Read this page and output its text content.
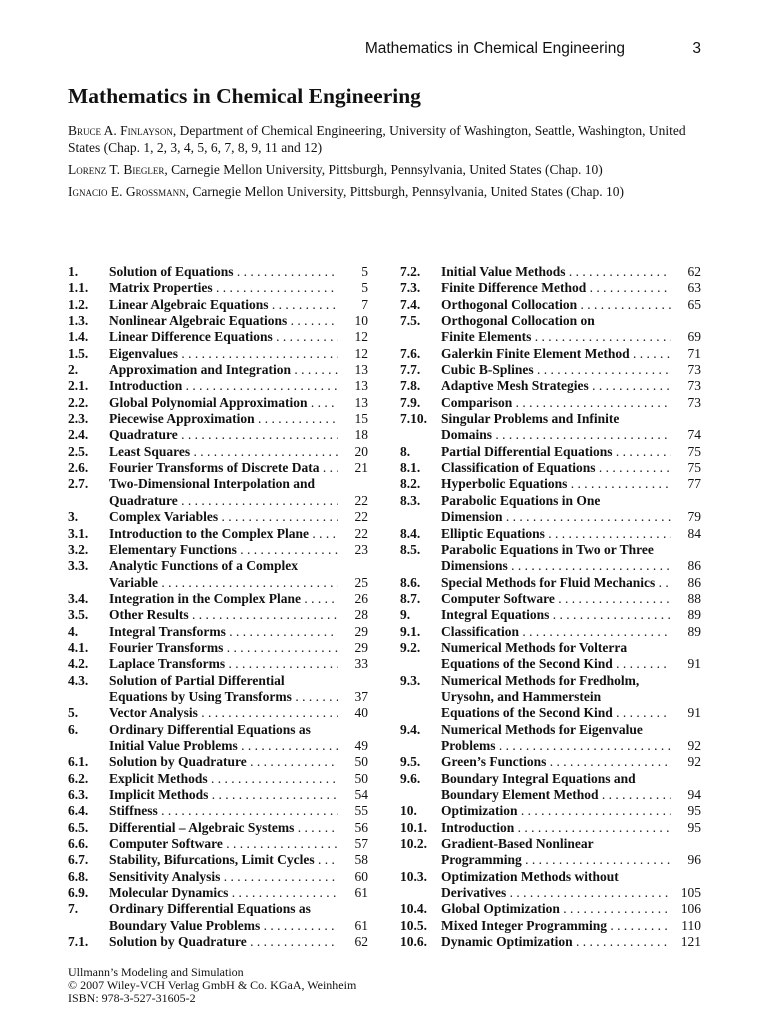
Mathematics in Chemical Engineering	3
Mathematics in Chemical Engineering

Bruce A. Finlayson, Department of Chemical Engineering, University of Washington, Seattle, Washington, United States (Chap. 1, 2, 3, 4, 5, 6, 7, 8, 9, 11 and 12)

Lorenz T. Biegler, Carnegie Mellon University, Pittsburgh, Pennsylvania, United States (Chap. 10)

Ignacio E. Grossmann, Carnegie Mellon University, Pittsburgh, Pennsylvania, United States (Chap. 10)

1. Solution of Equations . . .	5
1.1. Matrix Properties . . .	5
1.2. Linear Algebraic Equations . . .	7
1.3. Nonlinear Algebraic Equations . . .	10
1.4. Linear Difference Equations . . .	12
1.5. Eigenvalues . . .	12
2. Approximation and Integration . . .	13
2.1. Introduction . . .	13
2.2. Global Polynomial Approximation . . .	13
2.3. Piecewise Approximation . . .	15
2.4. Quadrature . . .	18
2.5. Least Squares . . .	20
2.6. Fourier Transforms of Discrete Data . . .	21
2.7. Two-Dimensional Interpolation and
Quadrature . . .	22
3. Complex Variables . . .	22
3.1. Introduction to the Complex Plane . . .	22
3.2. Elementary Functions . . .	23
3.3. Analytic Functions of a Complex
Variable . . .	25
3.4. Integration in the Complex Plane . . .	26
3.5. Other Results . . .	28
4. Integral Transforms . . .	29
4.1. Fourier Transforms . . .	29
4.2. Laplace Transforms . . .	33
4.3. Solution of Partial Differential
Equations by Using Transforms . . .	37
5. Vector Analysis . . .	40
6. Ordinary Differential Equations as
Initial Value Problems . . .	49
6.1. Solution by Quadrature . . .	50
6.2. Explicit Methods . . .	50
6.3. Implicit Methods . . .	54
6.4. Stiffness . . .	55
6.5. Differential – Algebraic Systems . . .	56
6.6. Computer Software . . .	57
6.7. Stability, Bifurcations, Limit Cycles . . .	58
6.8. Sensitivity Analysis . . .	60
6.9. Molecular Dynamics . . .	61
7. Ordinary Differential Equations as
Boundary Value Problems . . .	61
7.1. Solution by Quadrature . . .	62
7.2. Initial Value Methods . . .	62
7.3. Finite Difference Method . . .	63
7.4. Orthogonal Collocation . . .	65
7.5. Orthogonal Collocation on
Finite Elements . . .	69
7.6. Galerkin Finite Element Method . . .	71
7.7. Cubic B-Splines . . .	73
7.8. Adaptive Mesh Strategies . . .	73
7.9. Comparison . . .	73
7.10. Singular Problems and Infinite
Domains . . .	74
8. Partial Differential Equations . . .	75
8.1. Classification of Equations . . .	75
8.2. Hyperbolic Equations . . .	77
8.3. Parabolic Equations in One
Dimension . . .	79
8.4. Elliptic Equations . . .	84
8.5. Parabolic Equations in Two or Three
Dimensions . . .	86
8.6. Special Methods for Fluid Mechanics . . .	86
8.7. Computer Software . . .	88
9. Integral Equations . . .	89
9.1. Classification . . .	89
9.2. Numerical Methods for Volterra
Equations of the Second Kind . . .	91
9.3. Numerical Methods for Fredholm,
Urysohn, and Hammerstein
Equations of the Second Kind . . .	91
9.4. Numerical Methods for Eigenvalue
Problems . . .	92
9.5. Green’s Functions . . .	92
9.6. Boundary Integral Equations and
Boundary Element Method . . .	94
10. Optimization . . .	95
10.1. Introduction . . .	95
10.2. Gradient-Based Nonlinear
Programming . . .	96
10.3. Optimization Methods without
Derivatives . . .	105
10.4. Global Optimization . . .	106
10.5. Mixed Integer Programming . . .	110
10.6. Dynamic Optimization . . .	121
Ullmann’s Modeling and Simulation
© 2007 Wiley-VCH Verlag GmbH & Co. KGaA, Weinheim
ISBN: 978-3-527-31605-2
